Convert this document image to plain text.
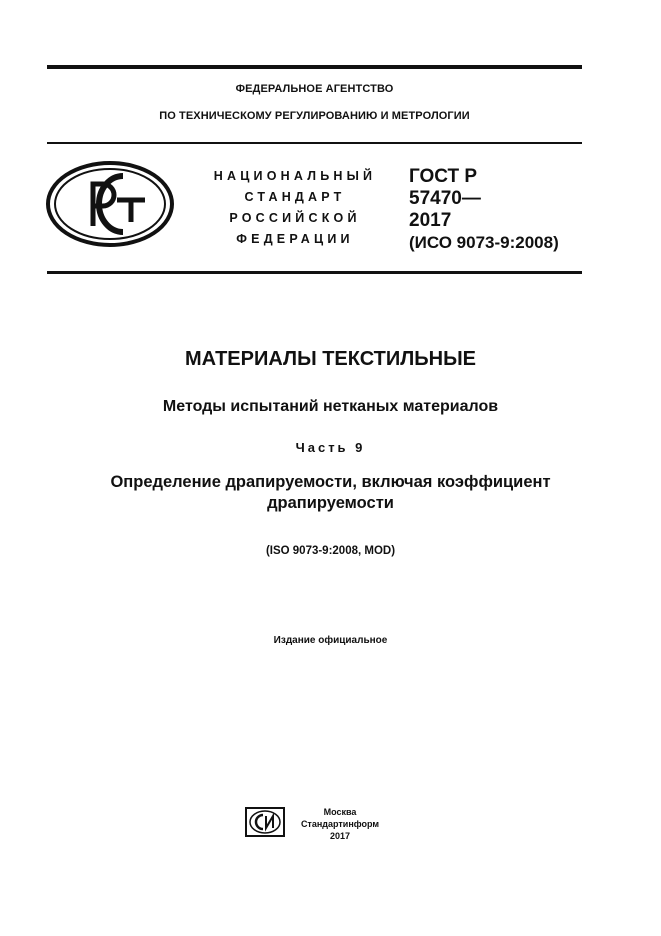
ФЕДЕРАЛЬНОЕ АГЕНТСТВО
ПО ТЕХНИЧЕСКОМУ РЕГУЛИРОВАНИЮ И МЕТРОЛОГИИ
НАЦИОНАЛЬНЫЙ
СТАНДАРТ
РОССИЙСКОЙ
ФЕДЕРАЦИИ
ГОСТ Р
57470—
2017
(ИСО 9073-9:2008)
МАТЕРИАЛЫ ТЕКСТИЛЬНЫЕ
Методы испытаний нетканых материалов
Часть 9
Определение драпируемости, включая коэффициент
драпируемости
(ISO 9073-9:2008, MOD)
Издание официальное
Москва
Стандартинформ
2017
